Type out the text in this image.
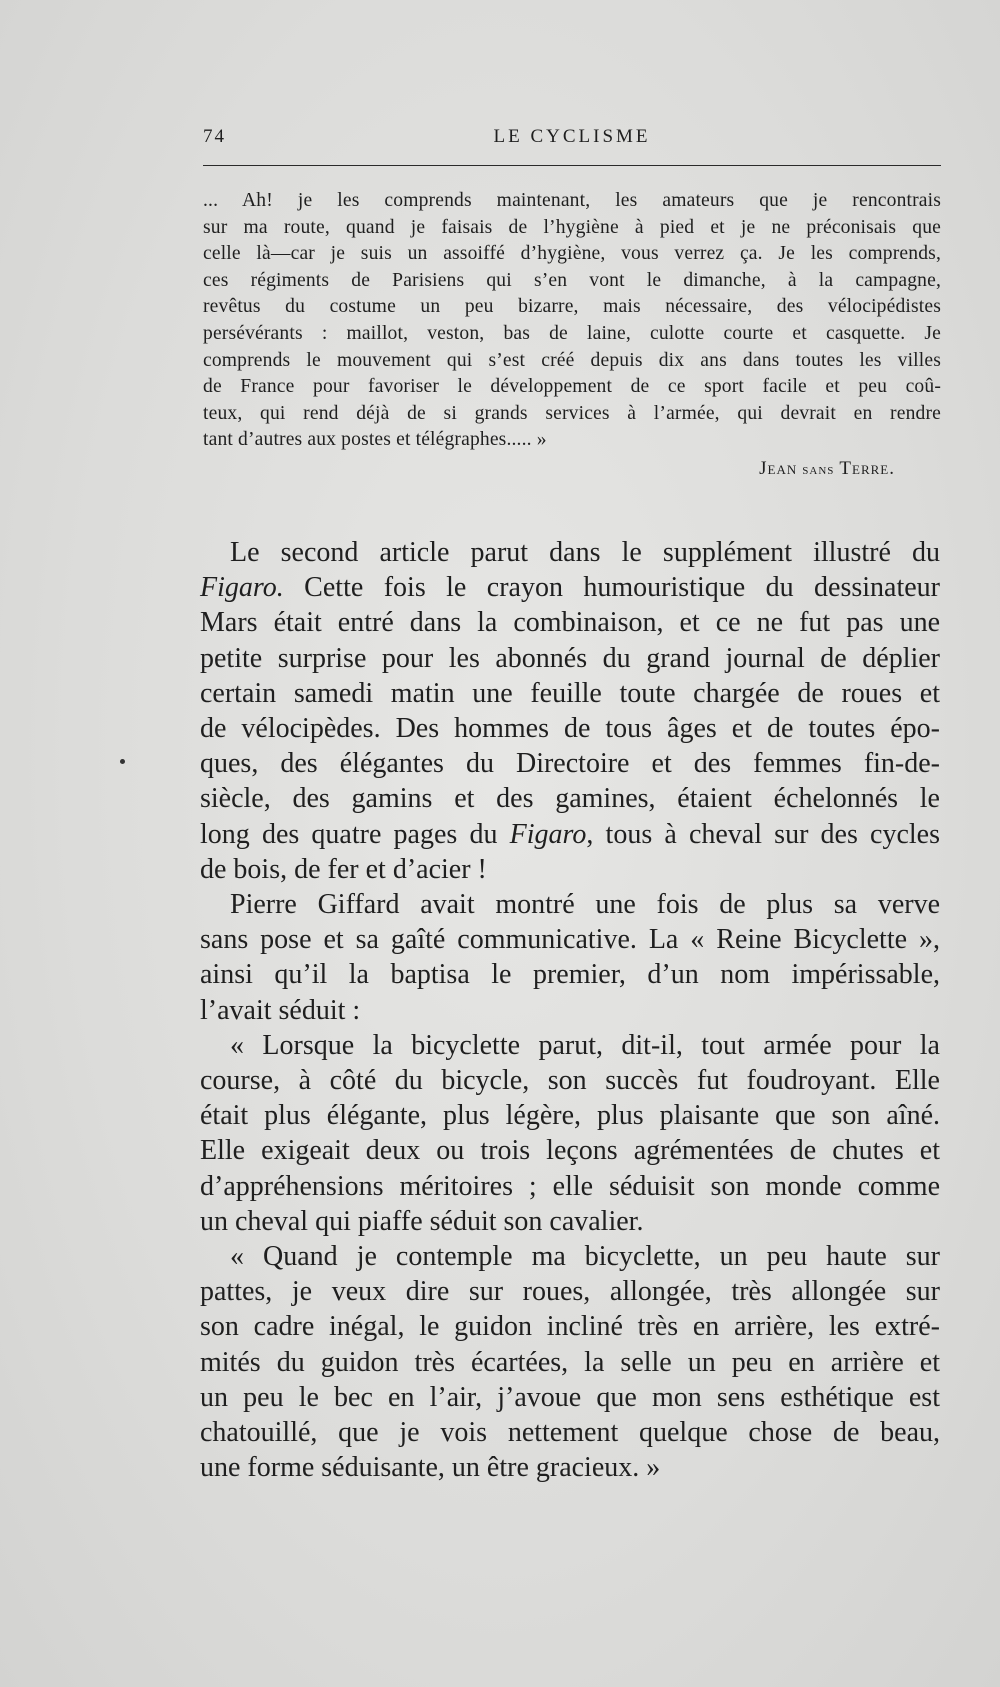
74	LE CYCLISME
... Ah! je les comprends maintenant, les amateurs que je rencontrais
sur ma route, quand je faisais de l’hygiène à pied et je ne préconisais que
celle là—car je suis un assoiffé d’hygiène, vous verrez ça. Je les comprends,
ces régiments de Parisiens qui s’en vont le dimanche, à la campagne,
revêtus du costume un peu bizarre, mais nécessaire, des vélocipédistes
persévérants : maillot, veston, bas de laine, culotte courte et casquette. Je
comprends le mouvement qui s’est créé depuis dix ans dans toutes les villes
de France pour favoriser le développement de ce sport facile et peu coû-
teux, qui rend déjà de si grands services à l’armée, qui devrait en rendre
tant d’autres aux postes et télégraphes..... »
Jean sans Terre.
Le second article parut dans le supplément illustré du
Figaro. Cette fois le crayon humouristique du dessinateur
Mars était entré dans la combinaison, et ce ne fut pas une
petite surprise pour les abonnés du grand journal de déplier
certain samedi matin une feuille toute chargée de roues et
de vélocipèdes. Des hommes de tous âges et de toutes épo-
ques, des élégantes du Directoire et des femmes fin-de-
siècle, des gamins et des gamines, étaient échelonnés le
long des quatre pages du Figaro, tous à cheval sur des cycles
de bois, de fer et d’acier !
Pierre Giffard avait montré une fois de plus sa verve
sans pose et sa gaîté communicative. La « Reine Bicyclette »,
ainsi qu’il la baptisa le premier, d’un nom impérissable,
l’avait séduit :
« Lorsque la bicyclette parut, dit-il, tout armée pour la
course, à côté du bicycle, son succès fut foudroyant. Elle
était plus élégante, plus légère, plus plaisante que son aîné.
Elle exigeait deux ou trois leçons agrémentées de chutes et
d’appréhensions méritoires ; elle séduisit son monde comme
un cheval qui piaffe séduit son cavalier.
« Quand je contemple ma bicyclette, un peu haute sur
pattes, je veux dire sur roues, allongée, très allongée sur
son cadre inégal, le guidon incliné très en arrière, les extré-
mités du guidon très écartées, la selle un peu en arrière et
un peu le bec en l’air, j’avoue que mon sens esthétique est
chatouillé, que je vois nettement quelque chose de beau,
une forme séduisante, un être gracieux. »
